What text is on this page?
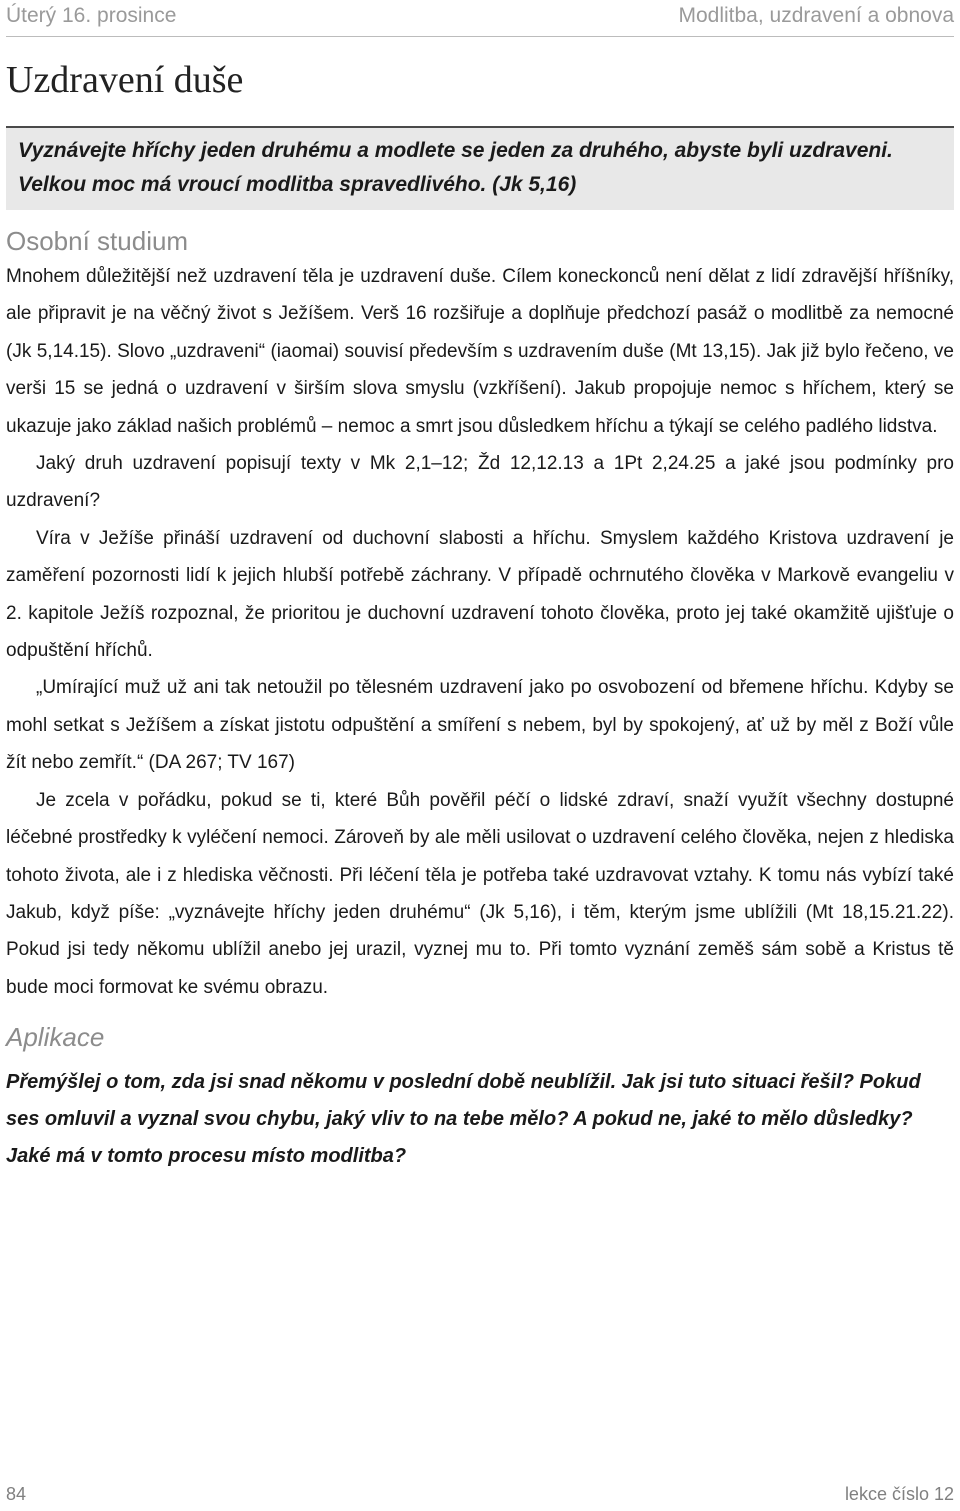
Úterý 16. prosince	Modlitba, uzdravení a obnova
Uzdravení duše
Vyznávejte hříchy jeden druhému a modlete se jeden za druhého, abyste byli uzdraveni. Velkou moc má vroucí modlitba spravedlivého. (Jk 5,16)
Osobní studium

Mnohem důležitější než uzdravení těla je uzdravení duše. Cílem koneckonců není dělat z lidí zdravější hříšníky, ale připravit je na věčný život s Ježíšem. Verš 16 rozšiřuje a doplňuje předchozí pasáž o modlitbě za nemocné (Jk 5,14.15). Slovo „uzdraveni“ (iaomai) souvisí především s uzdravením duše (Mt 13,15). Jak již bylo řečeno, ve verši 15 se jedná o uzdravení v širším slova smyslu (vzkříšení). Jakub propojuje nemoc s hříchem, který se ukazuje jako základ našich problémů – nemoc a smrt jsou důsledkem hříchu a týkají se celého padlého lidstva.

Jaký druh uzdravení popisují texty v Mk 2,1–12; Žd 12,12.13 a 1Pt 2,24.25 a jaké jsou podmínky pro uzdravení?

Víra v Ježíše přináší uzdravení od duchovní slabosti a hříchu. Smyslem každého Kristova uzdravení je zaměření pozornosti lidí k jejich hlubší potřebě záchrany. V případě ochrnutého člověka v Markově evangeliu v 2. kapitole Ježíš rozpoznal, že prioritou je duchovní uzdravení tohoto člověka, proto jej také okamžitě ujišťuje o odpuštění hříchů.

„Umírající muž už ani tak netoužil po tělesném uzdravení jako po osvobození od břemene hříchu. Kdyby se mohl setkat s Ježíšem a získat jistotu odpuštění a smíření s nebem, byl by spokojený, ať už by měl z Boží vůle žít nebo zemřít.“ (DA 267; TV 167)

Je zcela v pořádku, pokud se ti, které Bůh pověřil péčí o lidské zdraví, snaží využít všechny dostupné léčebné prostředky k vyléčení nemoci. Zároveň by ale měli usilovat o uzdravení celého člověka, nejen z hlediska tohoto života, ale i z hlediska věčnosti. Při léčení těla je potřeba také uzdravovat vztahy. K tomu nás vybízí také Jakub, když píše: „vyznávejte hříchy jeden druhému“ (Jk 5,16), i těm, kterým jsme ublížili (Mt 18,15.21.22). Pokud jsi tedy někomu ublížil anebo jej urazil, vyznej mu to. Při tomto vyznání zeměš sám sobě a Kristus tě bude moci formovat ke svému obrazu.

Aplikace
Přemýšlej o tom, zda jsi snad někomu v poslední době neublížil. Jak jsi tuto situaci řešil? Pokud ses omluvil a vyznal svou chybu, jaký vliv to na tebe mělo? A pokud ne, jaké to mělo důsledky? Jaké má v tomto procesu místo modlitba?
84	lekce číslo 12
